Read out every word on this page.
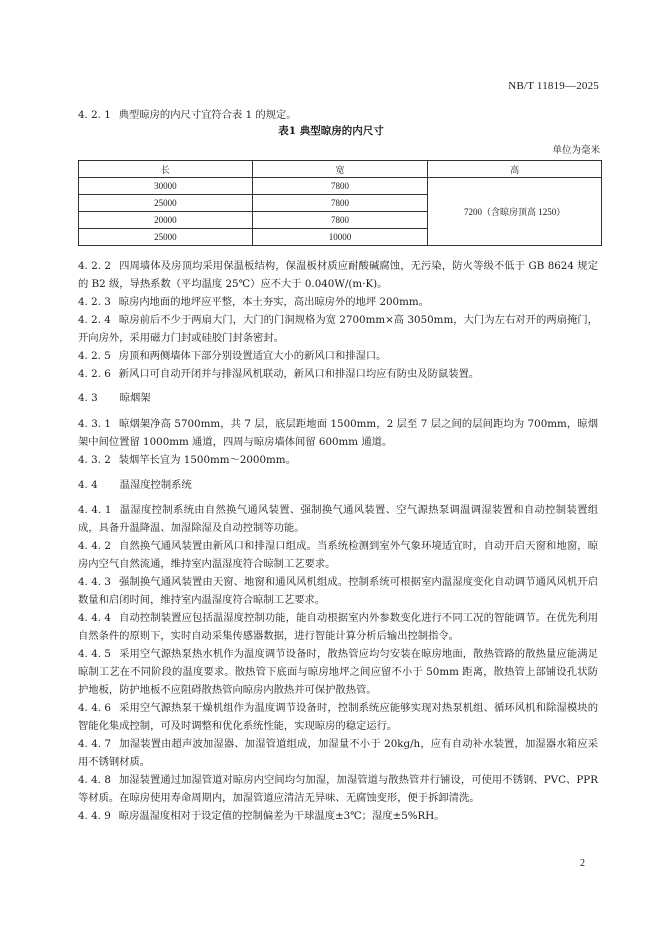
NB/T 11819—2025
4. 2. 1 典型晾房的内尺寸宜符合表 1 的规定。
表1 典型晾房的内尺寸
单位为毫米
长	宽	高
30000	7800	7200（含晾房顶高 1250）
25000	7800	
20000	7800	
25000	10000	
4. 2. 2 四周墙体及房顶均采用保温板结构，保温板材质应耐酸碱腐蚀，无污染，防火等级不低于 GB 8624 规定的 B2 级，导热系数（平均温度 25℃）应不大于 0.040W/(m·K)。
4. 2. 3 晾房内地面的地坪应平整，本土夯实，高出晾房外的地坪 200mm。
4. 2. 4 晾房前后不少于两扇大门，大门的门洞规格为宽 2700mm×高 3050mm，大门为左右对开的两扇掩门，开向房外，采用磁力门封或硅胶门封条密封。
4. 2. 5 房顶和两侧墙体下部分别设置适宜大小的新风口和排湿口。
4. 2. 6 新风口可自动开闭并与排湿风机联动，新风口和排湿口均应有防虫及防鼠装置。
4. 3 晾烟架
4. 3. 1 晾烟架净高 5700mm，共 7 层，底层距地面 1500mm，2 层至 7 层之间的层间距均为 700mm，晾烟架中间位置留 1000mm 通道，四周与晾房墙体间留 600mm 通道。
4. 3. 2 装烟竿长宜为 1500mm～2000mm。
4. 4 温湿度控制系统
4. 4. 1 温湿度控制系统由自然换气通风装置、强制换气通风装置、空气源热泵调温调湿装置和自动控制装置组成，具备升温降温、加湿除湿及自动控制等功能。
4. 4. 2 自然换气通风装置由新风口和排湿口组成。当系统检测到室外气象环境适宜时，自动开启天窗和地窗，晾房内空气自然流通，维持室内温湿度符合晾制工艺要求。
4. 4. 3 强制换气通风装置由天窗、地窗和通风风机组成。控制系统可根据室内温湿度变化自动调节通风风机开启数量和启闭时间，维持室内温湿度符合晾制工艺要求。
4. 4. 4 自动控制装置应包括温湿度控制功能，能自动根据室内外参数变化进行不同工况的智能调节。在优先利用自然条件的原则下，实时自动采集传感器数据，进行智能计算分析后输出控制指令。
4. 4. 5 采用空气源热泵热水机作为温度调节设备时，散热管应均匀安装在晾房地面，散热管路的散热量应能满足晾制工艺在不同阶段的温度要求。散热管下底面与晾房地坪之间应留不小于 50mm 距离，散热管上部铺设孔状防护地板，防护地板不应阻碍散热管向晾房内散热并可保护散热管。
4. 4. 6 采用空气源热泵干燥机组作为温度调节设备时，控制系统应能够实现对热泵机组、循环风机和除湿模块的智能化集成控制，可及时调整和优化系统性能，实现晾房的稳定运行。
4. 4. 7 加湿装置由超声波加湿器、加湿管道组成，加湿量不小于 20kg/h，应有自动补水装置，加湿器水箱应采用不锈钢材质。
4. 4. 8 加湿装置通过加湿管道对晾房内空间均匀加湿，加湿管道与散热管并行铺设，可使用不锈钢、PVC、PPR 等材质。在晾房使用寿命周期内，加湿管道应清洁无异味、无腐蚀变形，便于拆卸清洗。
4. 4. 9 晾房温湿度相对于设定值的控制偏差为干球温度±3℃；湿度±5%RH。
2
